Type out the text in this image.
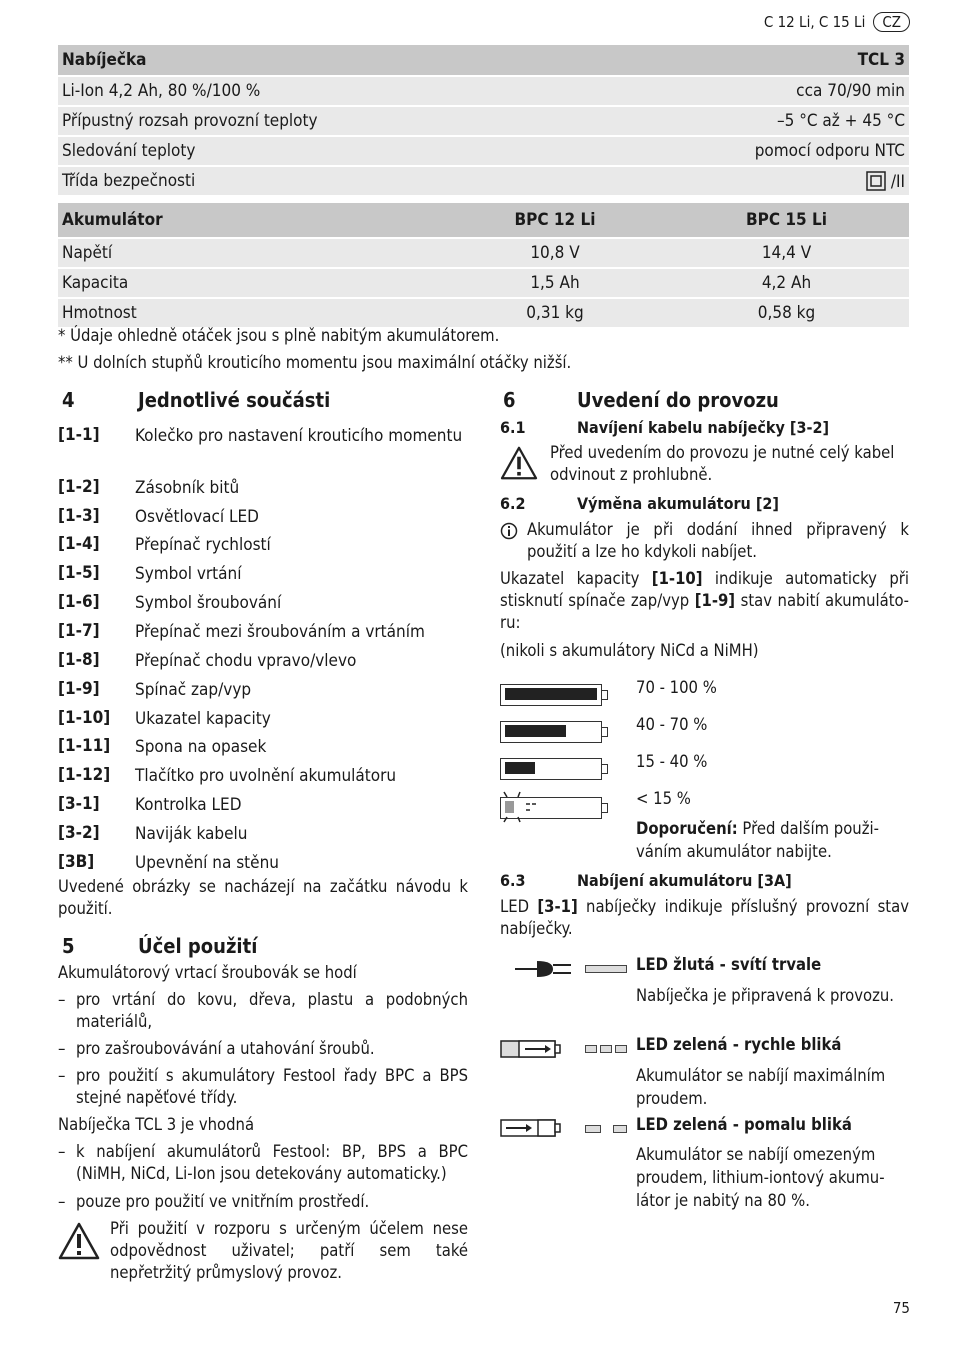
C 12 Li, C 15 Li	CZ
Nabíječka	TCL 3
Li-Ion 4,2 Ah, 80 %/100 %	cca 70/90 min
Přípustný rozsah provozní teploty	–5 °C až + 45 °C
Sledování teploty	pomocí odporu NTC
Třída bezpečnosti	/II
Akumulátor	BPC 12 Li	BPC 15 Li
Napětí	10,8 V	14,4 V
Kapacita	1,5 Ah	4,2 Ah
Hmotnost	0,31 kg	0,58 kg
* Údaje ohledně otáček jsou s plně nabitým akumulátorem.
** U dolních stupňů krouticího momentu jsou maximální otáčky nižší.
4	Jednotlivé součásti
[1-1] Kolečko pro nastavení krouticího momentu
[1-2] Zásobník bitů
[1-3] Osvětlovací LED
[1-4] Přepínač rychlostí
[1-5] Symbol vrtání
[1-6] Symbol šroubování
[1-7] Přepínač mezi šroubováním a vrtáním
[1-8] Přepínač chodu vpravo/vlevo
[1-9] Spínač zap/vyp
[1-10] Ukazatel kapacity
[1-11] Spona na opasek
[1-12] Tlačítko pro uvolnění akumulátoru
[3-1] Kontrolka LED
[3-2] Naviják kabelu
[3B] Upevnění na stěnu
Uvedené obrázky se nacházejí na začátku návodu k použití.
5	Účel použití
Akumulátorový vrtací šroubovák se hodí
– pro vrtání do kovu, dřeva, plastu a podobných materiálů,
– pro zašroubovávání a utahování šroubů.
– pro použití s akumulátory Festool řady BPC a BPS stejné napěťové třídy.
Nabíječka TCL 3 je vhodná
– k nabíjení akumulátorů Festool: BP, BPS a BPC (NiMH, NiCd, Li-Ion jsou detekovány automaticky.)
– pouze pro použití ve vnitřním prostředí.
Při použití v rozporu s určeným účelem nese odpovědnost uživatel; patří sem také nepřetržitý průmyslový provoz.
6	Uvedení do provozu
6.1	Navíjení kabelu nabíječky [3-2]
Před uvedením do provozu je nutné celý kabel odvinout z prohlubně.
6.2	Výměna akumulátoru [2]
Akumulátor je při dodání ihned připravený k použití a lze ho kdykoli nabíjet.
Ukazatel kapacity [1-10] indikuje automaticky při stisknutí spínače zap/vyp [1-9] stav nabití akumulátoru:
(nikoli s akumulátory NiCd a NiMH)
70 - 100 %
40 - 70 %
15 - 40 %
< 15 %
Doporučení: Před dalším použiváním akumulátor nabijte.
6.3	Nabíjení akumulátoru [3A]
LED [3-1] nabíječky indikuje příslušný provozní stav nabíječky.
LED žlutá - svítí trvale
Nabíječka je připravená k provozu.
LED zelená - rychle bliká
Akumulátor se nabíjí maximálním proudem.
LED zelená - pomalu bliká
Akumulátor se nabíjí omezeným proudem, lithium-iontový akumulátor je nabitý na 80 %.
75
